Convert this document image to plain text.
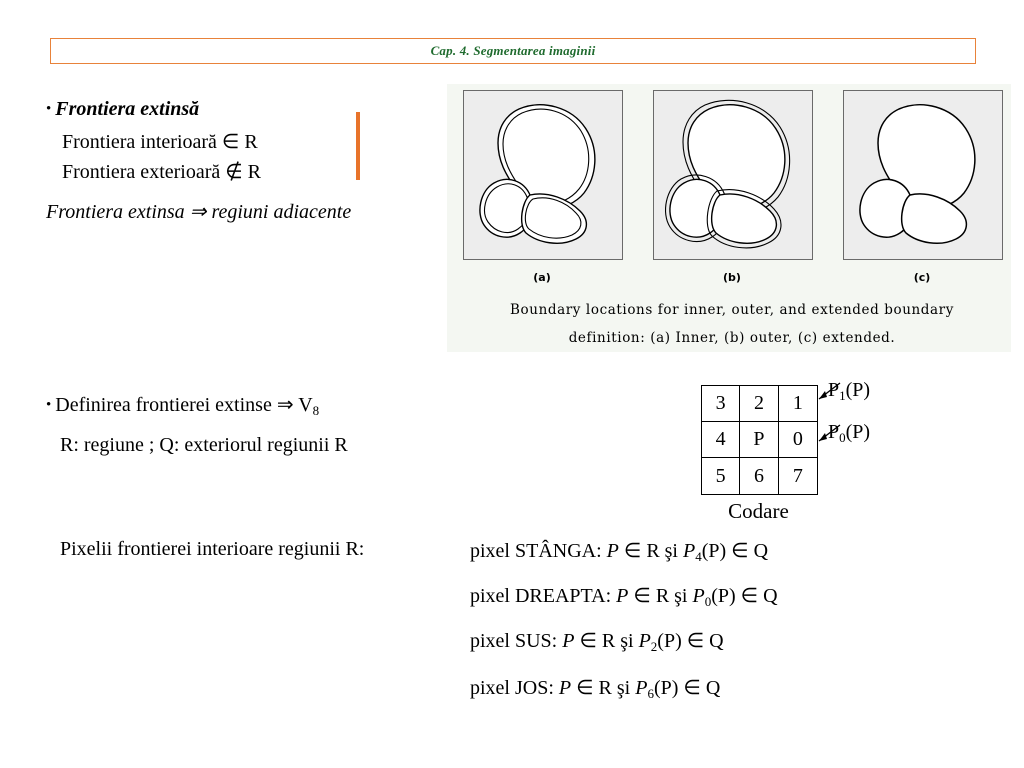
Cap. 4. Segmentarea imaginii
• Frontiera extinsă
Frontiera interioară ∈ R
Frontiera exterioară ∉ R
Frontiera extinsa ⇒ regiuni adiacente
(a)	(b)	(c)
Boundary locations for inner, outer, and extended boundary
definition: (a) Inner, (b) outer, (c) extended.
• Definirea frontierei extinse ⇒ $V_8$
R: regiune ; Q: exteriorul regiunii R
3	2	1
4	P	0
5	6	7
Codare
$P_1(P)$
$P_0(P)$
Pixelii frontierei interioare regiunii R:	pixel STÂNGA: P ∈ R şi $P_4(P)$ ∈ Q
pixel DREAPTA: P ∈ R şi $P_0(P)$ ∈ Q
pixel SUS: P ∈ R şi $P_2(P)$ ∈ Q
pixel JOS: P ∈ R şi $P_6(P)$ ∈ Q
